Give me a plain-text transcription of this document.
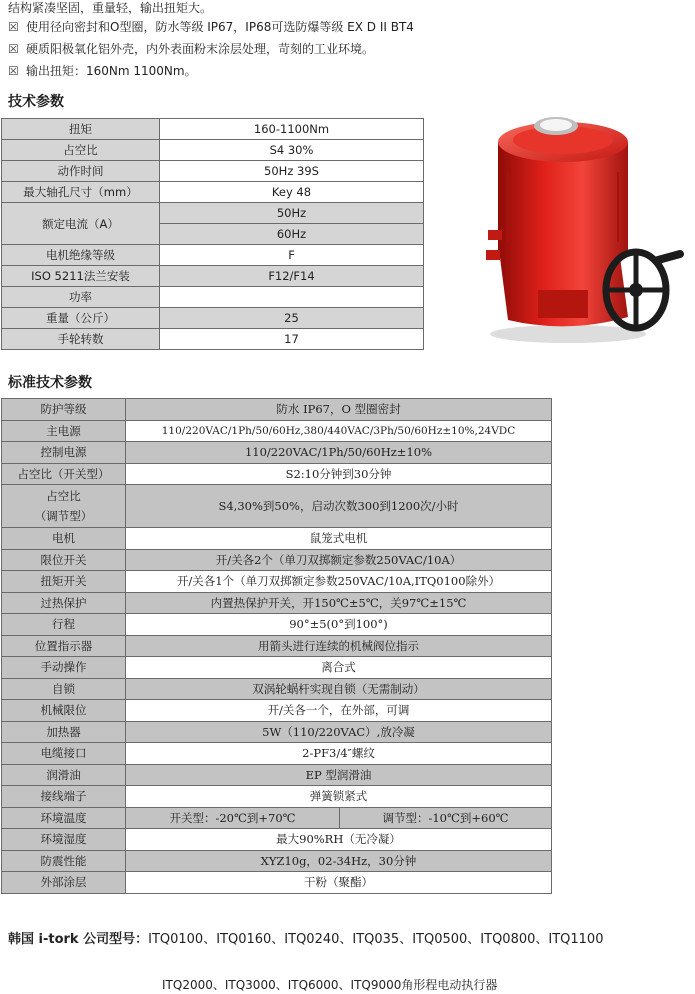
结构紧凑坚固，重量轻，输出扭矩大。
☒ 使用径向密封和O型圈，防水等级 IP67，IP68可选防爆等级 EX D II BT4
☒ 硬质阳极氧化铝外壳，内外表面粉末涂层处理，苛刻的工业环境。
☒ 输出扭矩：160Nm 1100Nm。
技术参数
扭矩	160-1100Nm
占空比	S4 30%
动作时间	50Hz 39S
最大轴孔尺寸（mm）	Key 48
额定电流（A）	50Hz
	60Hz
电机绝缘等级	F
ISO 5211法兰安装	F12/F14
功率	
重量（公斤）	25
手轮转数	17
标准技术参数
防护等级	防水 IP67，O 型圈密封	
主电源	110/220VAC/1Ph/50/60Hz,380/440VAC/3Ph/50/60Hz±10%,24VDC	
控制电源	110/220VAC/1Ph/50/60Hz±10%	
占空比（开关型）	S2:10分钟到30分钟	
占空比
（调节型）	S4,30%到50%，启动次数300到1200次/小时	
电机	鼠笼式电机	
限位开关	开/关各2个（单刀双掷额定参数250VAC/10A）	
扭矩开关	开/关各1个（单刀双掷额定参数250VAC/10A,ITQ0100除外）	
过热保护	内置热保护开关，开150℃±5℃，关97℃±15℃	
行程	90°±5(0°到100°)	
位置指示器	用箭头进行连续的机械阀位指示	
手动操作	离合式	
自锁	双涡轮蜗杆实现自锁（无需制动）	
机械限位	开/关各一个，在外部，可调	
加热器	5W（110/220VAC）,放冷凝	
电缆接口	2-PF3/4″螺纹	
润滑油	EP 型润滑油	
接线端子	弹簧锁紧式	
环境温度	开关型：-20℃到+70℃	调节型：-10℃到+60℃
环境湿度	最大90%RH（无冷凝）	
防震性能	XYZ10g，02-34Hz，30分钟	
外部涂层	干粉（聚酯）	
韩国 i-tork 公司型号：ITQ0100、ITQ0160、ITQ0240、ITQ035、ITQ0500、ITQ0800、ITQ1100
ITQ2000、ITQ3000、ITQ6000、ITQ9000角形程电动执行器
